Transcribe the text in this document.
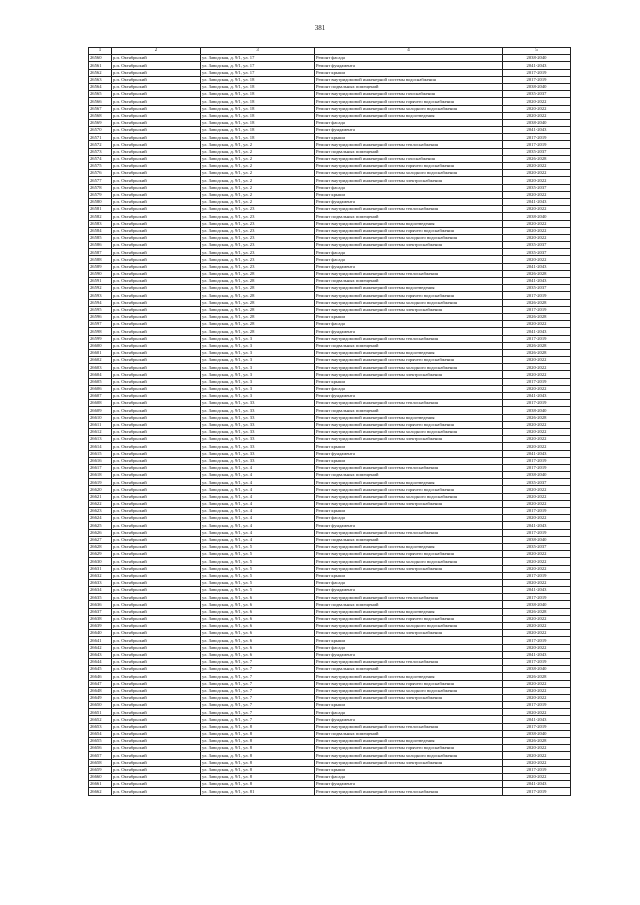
381
1	2	3	4	5
26560	р.п. Октябрьский	ул. Заводская, д. 9/1, ул. 17	Ремонт фасада	2038-2040
26561	р.п. Октябрьский	ул. Заводская, д. 9/1, ул. 17	Ремонт фундамента	2041-2043
26562	р.п. Октябрьский	ул. Заводская, д. 9/1, ул. 17	Ремонт крыши	2017-2019
26563	р.п. Октябрьский	ул. Заводская, д. 9/1, ул. 18	Ремонт внутридомовой инженерной системы водоснабжения	2017-2019
26564	р.п. Октябрьский	ул. Заводская, д. 9/1, ул. 18	Ремонт подвальных помещений	2038-2040
26565	р.п. Октябрьский	ул. Заводская, д. 9/1, ул. 18	Ремонт внутридомовой инженерной системы газоснабжения	2035-2037
26566	р.п. Октябрьский	ул. Заводская, д. 9/1, ул. 18	Ремонт внутридомовой инженерной системы горячего водоснабжения	2020-2022
26567	р.п. Октябрьский	ул. Заводская, д. 9/1, ул. 18	Ремонт внутридомовой инженерной системы холодного водоснабжения	2020-2022
26568	р.п. Октябрьский	ул. Заводская, д. 9/1, ул. 18	Ремонт внутридомовой инженерной системы водоотведения	2020-2022
26569	р.п. Октябрьский	ул. Заводская, д. 9/1, ул. 18	Ремонт фасада	2038-2040
26570	р.п. Октябрьский	ул. Заводская, д. 9/1, ул. 18	Ремонт фундамента	2041-2043
26571	р.п. Октябрьский	ул. Заводская, д. 9/1, ул. 18	Ремонт крыши	2017-2019
26572	р.п. Октябрьский	ул. Заводская, д. 9/1, ул. 2	Ремонт внутридомовой инженерной системы теплоснабжения	2017-2019
26573	р.п. Октябрьский	ул. Заводская, д. 9/1, ул. 2	Ремонт подвальных помещений	2035-2037
26574	р.п. Октябрьский	ул. Заводская, д. 9/1, ул. 2	Ремонт внутридомовой инженерной системы газоснабжения	2026-2028
26575	р.п. Октябрьский	ул. Заводская, д. 9/1, ул. 2	Ремонт внутридомовой инженерной системы горячего водоснабжения	2020-2022
26576	р.п. Октябрьский	ул. Заводская, д. 9/1, ул. 2	Ремонт внутридомовой инженерной системы холодного водоснабжения	2020-2022
26577	р.п. Октябрьский	ул. Заводская, д. 9/1, ул. 2	Ремонт внутридомовой инженерной системы электроснабжения	2020-2022
26578	р.п. Октябрьский	ул. Заводская, д. 9/1, ул. 2	Ремонт фасада	2035-2037
26579	р.п. Октябрьский	ул. Заводская, д. 9/1, ул. 2	Ремонт крыши	2020-2022
26580	р.п. Октябрьский	ул. Заводская, д. 9/1, ул. 2	Ремонт фундамента	2041-2043
26581	р.п. Октябрьский	ул. Заводская, д. 9/1, ул. 23	Ремонт внутридомовой инженерной системы теплоснабжения	2020-2022
26582	р.п. Октябрьский	ул. Заводская, д. 9/1, ул. 23	Ремонт подвальных помещений	2038-2040
26583	р.п. Октябрьский	ул. Заводская, д. 9/1, ул. 23	Ремонт внутридомовой инженерной системы водоотведения	2020-2022
26584	р.п. Октябрьский	ул. Заводская, д. 9/1, ул. 23	Ремонт внутридомовой инженерной системы горячего водоснабжения	2020-2022
26585	р.п. Октябрьский	ул. Заводская, д. 9/1, ул. 23	Ремонт внутридомовой инженерной системы холодного водоснабжения	2020-2022
26586	р.п. Октябрьский	ул. Заводская, д. 9/1, ул. 23	Ремонт внутридомовой инженерной системы электроснабжения	2035-2037
26587	р.п. Октябрьский	ул. Заводская, д. 9/1, ул. 23	Ремонт фасада	2035-2037
26588	р.п. Октябрьский	ул. Заводская, д. 9/1, ул. 23	Ремонт фасада	2020-2022
26589	р.п. Октябрьский	ул. Заводская, д. 9/1, ул. 23	Ремонт фундамента	2041-2043
26590	р.п. Октябрьский	ул. Заводская, д. 9/1, ул. 28	Ремонт внутридомовой инженерной системы теплоснабжения	2026-2028
26591	р.п. Октябрьский	ул. Заводская, д. 9/1, ул. 28	Ремонт подвальных помещений	2041-2043
26592	р.п. Октябрьский	ул. Заводская, д. 9/1, ул. 28	Ремонт внутридомовой инженерной системы водоотведения	2035-2037
26593	р.п. Октябрьский	ул. Заводская, д. 9/1, ул. 28	Ремонт внутридомовой инженерной системы горячего водоснабжения	2017-2019
26594	р.п. Октябрьский	ул. Заводская, д. 9/1, ул. 28	Ремонт внутридомовой инженерной системы холодного водоснабжения	2026-2028
26595	р.п. Октябрьский	ул. Заводская, д. 9/1, ул. 28	Ремонт внутридомовой инженерной системы электроснабжения	2017-2019
26596	р.п. Октябрьский	ул. Заводская, д. 9/1, ул. 28	Ремонт крыши	2026-2028
26597	р.п. Октябрьский	ул. Заводская, д. 9/1, ул. 28	Ремонт фасада	2020-2022
26598	р.п. Октябрьский	ул. Заводская, д. 9/1, ул. 28	Ремонт фундамента	2041-2043
26599	р.п. Октябрьский	ул. Заводская, д. 9/1, ул. 3	Ремонт внутридомовой инженерной системы теплоснабжения	2017-2019
26600	р.п. Октябрьский	ул. Заводская, д. 9/1, ул. 3	Ремонт подвальных помещений	2026-2028
26601	р.п. Октябрьский	ул. Заводская, д. 9/1, ул. 3	Ремонт внутридомовой инженерной системы водоотведения	2026-2028
26602	р.п. Октябрьский	ул. Заводская, д. 9/1, ул. 3	Ремонт внутридомовой инженерной системы горячего водоснабжения	2020-2022
26603	р.п. Октябрьский	ул. Заводская, д. 9/1, ул. 3	Ремонт внутридомовой инженерной системы холодного водоснабжения	2020-2022
26604	р.п. Октябрьский	ул. Заводская, д. 9/1, ул. 3	Ремонт внутридомовой инженерной системы электроснабжения	2020-2022
26605	р.п. Октябрьский	ул. Заводская, д. 9/1, ул. 3	Ремонт крыши	2017-2019
26606	р.п. Октябрьский	ул. Заводская, д. 9/1, ул. 3	Ремонт фасада	2020-2022
26607	р.п. Октябрьский	ул. Заводская, д. 9/1, ул. 3	Ремонт фундамента	2041-2043
26608	р.п. Октябрьский	ул. Заводская, д. 9/1, ул. 33	Ремонт внутридомовой инженерной системы теплоснабжения	2017-2019
26609	р.п. Октябрьский	ул. Заводская, д. 9/1, ул. 33	Ремонт подвальных помещений	2038-2040
26610	р.п. Октябрьский	ул. Заводская, д. 9/1, ул. 33	Ремонт внутридомовой инженерной системы водоотведения	2026-2028
26611	р.п. Октябрьский	ул. Заводская, д. 9/1, ул. 33	Ремонт внутридомовой инженерной системы горячего водоснабжения	2020-2022
26612	р.п. Октябрьский	ул. Заводская, д. 9/1, ул. 33	Ремонт внутридомовой инженерной системы холодного водоснабжения	2020-2022
26613	р.п. Октябрьский	ул. Заводская, д. 9/1, ул. 33	Ремонт внутридомовой инженерной системы электроснабжения	2020-2022
26614	р.п. Октябрьский	ул. Заводская, д. 9/1, ул. 33	Ремонт крыши	2020-2022
26615	р.п. Октябрьский	ул. Заводская, д. 9/1, ул. 33	Ремонт фундамента	2041-2043
26616	р.п. Октябрьский	ул. Заводская, д. 9/1, ул. 33	Ремонт крыши	2017-2019
26617	р.п. Октябрьский	ул. Заводская, д. 9/1, ул. 4	Ремонт внутридомовой инженерной системы теплоснабжения	2017-2019
26618	р.п. Октябрьский	ул. Заводская, д. 9/1, ул. 4	Ремонт подвальных помещений	2038-2040
26619	р.п. Октябрьский	ул. Заводская, д. 9/1, ул. 4	Ремонт внутридомовой инженерной системы водоотведения	2035-2037
26620	р.п. Октябрьский	ул. Заводская, д. 9/1, ул. 4	Ремонт внутридомовой инженерной системы горячего водоснабжения	2020-2022
26621	р.п. Октябрьский	ул. Заводская, д. 9/1, ул. 4	Ремонт внутридомовой инженерной системы холодного водоснабжения	2020-2022
26622	р.п. Октябрьский	ул. Заводская, д. 9/1, ул. 4	Ремонт внутридомовой инженерной системы электроснабжения	2020-2022
26623	р.п. Октябрьский	ул. Заводская, д. 9/1, ул. 4	Ремонт крыши	2017-2019
26624	р.п. Октябрьский	ул. Заводская, д. 9/1, ул. 4	Ремонт фасада	2020-2022
26625	р.п. Октябрьский	ул. Заводская, д. 9/1, ул. 4	Ремонт фундамента	2041-2043
26626	р.п. Октябрьский	ул. Заводская, д. 9/1, ул. 4	Ремонт внутридомовой инженерной системы теплоснабжения	2017-2019
26627	р.п. Октябрьский	ул. Заводская, д. 9/1, ул. 4	Ремонт подвальных помещений	2038-2040
26628	р.п. Октябрьский	ул. Заводская, д. 9/1, ул. 5	Ремонт внутридомовой инженерной системы водоотведения	2035-2037
26629	р.п. Октябрьский	ул. Заводская, д. 9/1, ул. 5	Ремонт внутридомовой инженерной системы горячего водоснабжения	2020-2022
26630	р.п. Октябрьский	ул. Заводская, д. 9/1, ул. 5	Ремонт внутридомовой инженерной системы холодного водоснабжения	2020-2022
26631	р.п. Октябрьский	ул. Заводская, д. 9/1, ул. 5	Ремонт внутридомовой инженерной системы электроснабжения	2020-2022
26632	р.п. Октябрьский	ул. Заводская, д. 9/1, ул. 5	Ремонт крыши	2017-2019
26633	р.п. Октябрьский	ул. Заводская, д. 9/1, ул. 5	Ремонт фасада	2020-2022
26634	р.п. Октябрьский	ул. Заводская, д. 9/1, ул. 5	Ремонт фундамента	2041-2043
26635	р.п. Октябрьский	ул. Заводская, д. 9/1, ул. 6	Ремонт внутридомовой инженерной системы теплоснабжения	2017-2019
26636	р.п. Октябрьский	ул. Заводская, д. 9/1, ул. 6	Ремонт подвальных помещений	2038-2040
26637	р.п. Октябрьский	ул. Заводская, д. 9/1, ул. 6	Ремонт внутридомовой инженерной системы водоотведения	2026-2028
26638	р.п. Октябрьский	ул. Заводская, д. 9/1, ул. 6	Ремонт внутридомовой инженерной системы горячего водоснабжения	2020-2022
26639	р.п. Октябрьский	ул. Заводская, д. 9/1, ул. 6	Ремонт внутридомовой инженерной системы холодного водоснабжения	2020-2022
26640	р.п. Октябрьский	ул. Заводская, д. 9/1, ул. 6	Ремонт внутридомовой инженерной системы электроснабжения	2020-2022
26641	р.п. Октябрьский	ул. Заводская, д. 9/1, ул. 6	Ремонт крыши	2017-2019
26642	р.п. Октябрьский	ул. Заводская, д. 9/1, ул. 6	Ремонт фасада	2020-2022
26643	р.п. Октябрьский	ул. Заводская, д. 9/1, ул. 6	Ремонт фундамента	2041-2043
26644	р.п. Октябрьский	ул. Заводская, д. 9/1, ул. 7	Ремонт внутридомовой инженерной системы теплоснабжения	2017-2019
26645	р.п. Октябрьский	ул. Заводская, д. 9/1, ул. 7	Ремонт подвальных помещений	2038-2040
26646	р.п. Октябрьский	ул. Заводская, д. 9/1, ул. 7	Ремонт внутридомовой инженерной системы водоотведения	2026-2028
26647	р.п. Октябрьский	ул. Заводская, д. 9/1, ул. 7	Ремонт внутридомовой инженерной системы горячего водоснабжения	2020-2022
26648	р.п. Октябрьский	ул. Заводская, д. 9/1, ул. 7	Ремонт внутридомовой инженерной системы холодного водоснабжения	2020-2022
26649	р.п. Октябрьский	ул. Заводская, д. 9/1, ул. 7	Ремонт внутридомовой инженерной системы электроснабжения	2020-2022
26650	р.п. Октябрьский	ул. Заводская, д. 9/1, ул. 7	Ремонт крыши	2017-2019
26651	р.п. Октябрьский	ул. Заводская, д. 9/1, ул. 7	Ремонт фасада	2020-2022
26652	р.п. Октябрьский	ул. Заводская, д. 9/1, ул. 7	Ремонт фундамента	2041-2043
26653	р.п. Октябрьский	ул. Заводская, д. 9/1, ул. 8	Ремонт внутридомовой инженерной системы теплоснабжения	2017-2019
26654	р.п. Октябрьский	ул. Заводская, д. 9/1, ул. 8	Ремонт подвальных помещений	2038-2040
26655	р.п. Октябрьский	ул. Заводская, д. 9/1, ул. 8	Ремонт внутридомовой инженерной системы водоотведения	2026-2028
26656	р.п. Октябрьский	ул. Заводская, д. 9/1, ул. 8	Ремонт внутридомовой инженерной системы горячего водоснабжения	2020-2022
26657	р.п. Октябрьский	ул. Заводская, д. 9/1, ул. 8	Ремонт внутридомовой инженерной системы холодного водоснабжения	2020-2022
26658	р.п. Октябрьский	ул. Заводская, д. 9/1, ул. 8	Ремонт внутридомовой инженерной системы электроснабжения	2020-2022
26659	р.п. Октябрьский	ул. Заводская, д. 9/1, ул. 8	Ремонт крыши	2017-2019
26660	р.п. Октябрьский	ул. Заводская, д. 9/1, ул. 8	Ремонт фасада	2020-2022
26661	р.п. Октябрьский	ул. Заводская, д. 9/1, ул. 8	Ремонт фундамента	2041-2043
26662	р.п. Октябрьский	ул. Заводская, д. 9/1, ул. 81	Ремонт внутридомовой инженерной системы теплоснабжения	2017-2019
